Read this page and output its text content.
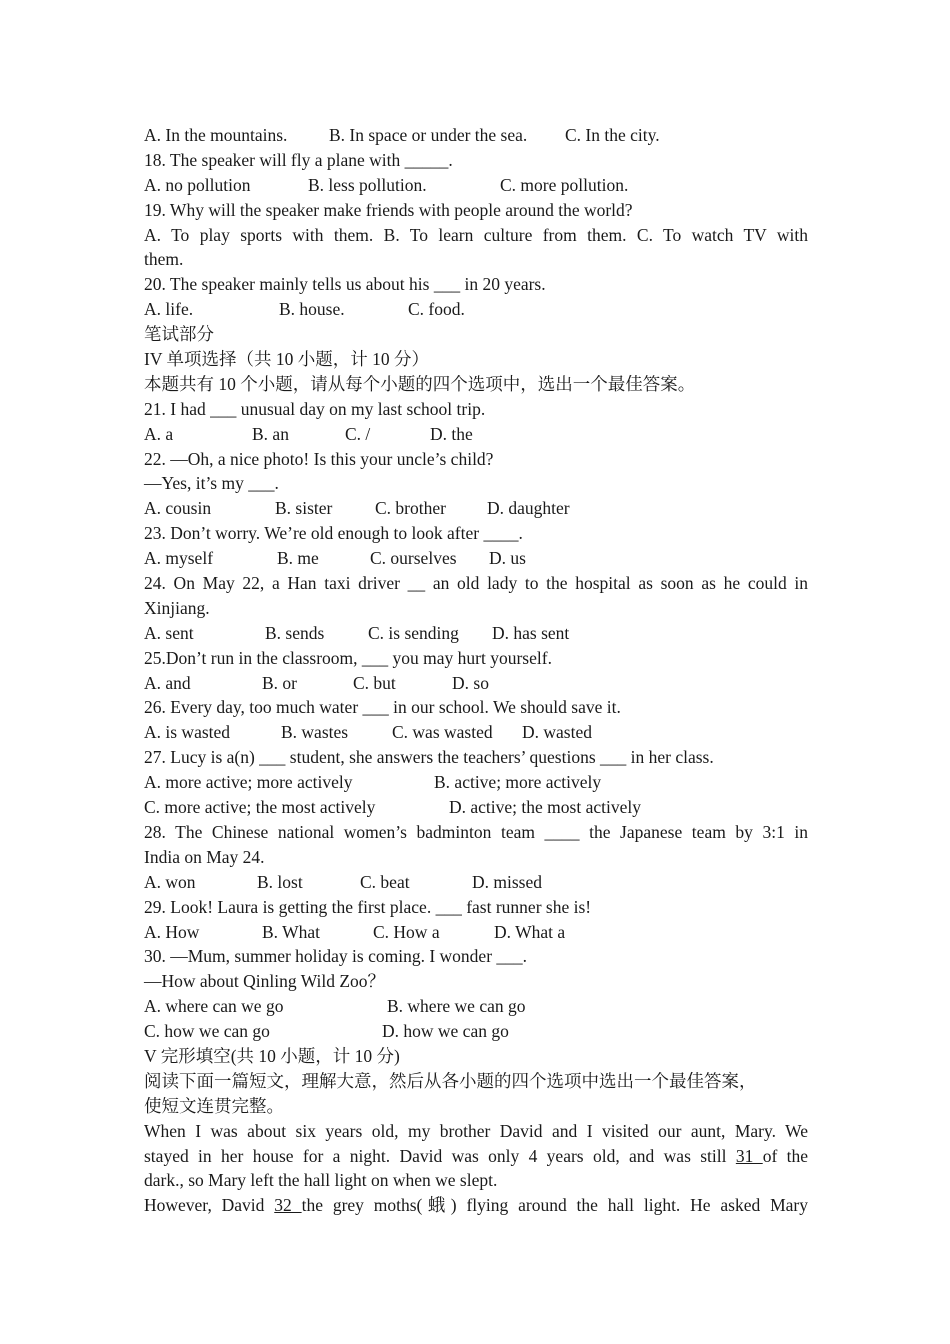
A. In the mountains. B. In space or under the sea. C. In the city.
18. The speaker will fly a plane with _____.
A. no pollution	B. less pollution.	C. more pollution.
19. Why will the speaker make friends with people around the world?
A. To play sports with them. B. To learn culture from them. C. To watch TV with
them.
20. The speaker mainly tells us about his ___ in 20 years.
A. life.	B. house.	C. food.
笔试部分
IV 单项选择（共 10 小题，计 10 分）
本题共有 10 个小题，请从每个小题的四个选项中，选出一个最佳答案。
21. I had ___ unusual day on my last school trip.
A. a	B. an	C. /	D. the
22. —Oh, a nice photo! Is this your uncle’s child?
—Yes, it’s my ___.
A. cousin	B. sister C. brother D. daughter
23. Don’t worry. We’re old enough to look after ____.
A. myself	B. me	C. ourselves D. us
24. On May 22, a Han taxi driver __ an old lady to the hospital as soon as he could in
Xinjiang.
A. sent	B. sends C. is sending D. has sent
25.Don’t run in the classroom, ___ you may hurt yourself.
A. and	B. or	C. but	D. so
26. Every day, too much water ___ in our school. We should save it.
A. is wasted	B. wastes	C. was wasted D. wasted
27. Lucy is a(n) ___ student, she answers the teachers’ questions ___ in her class.
A. more active; more actively	B. active; more actively
C. more active; the most actively	D. active; the most actively
28. The Chinese national women’s badminton team ____ the Japanese team by 3:1 in
India on May 24.
A. won	B. lost	C. beat	D. missed
29. Look! Laura is getting the first place. ___ fast runner she is!
A. How	B. What	C. How a	D. What a
30. —Mum, summer holiday is coming. I wonder ___.
—How about Qinling Wild Zoo？
A. where can we go	B. where we can go
C. how we can go	D. how we can go
V 完形填空(共 10 小题，计 10 分)
阅读下面一篇短文，理解大意，然后从各小题的四个选项中选出一个最佳答案，
使短文连贯完整。
When I was about six years old, my brother David and I visited our aunt, Mary. We
stayed in her house for a night. David was only 4 years old, and was still 31 of the
dark., so Mary left the hall light on when we slept.
However, David 32 the grey moths(蛾) flying around the hall light. He asked Mary
